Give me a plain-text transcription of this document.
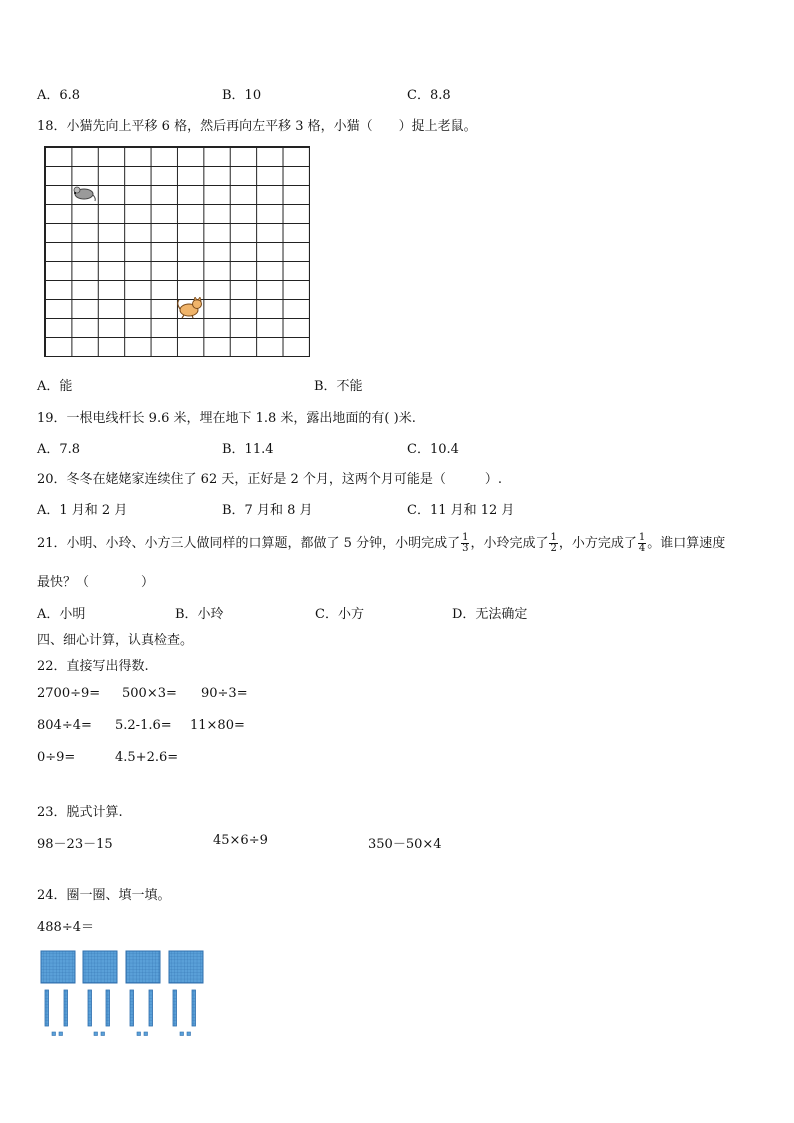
A．6.8	B．10	C．8.8
18．小猫先向上平移 6 格，然后再向左平移 3 格，小猫（　　）捉上老鼠。
A．能	B．不能
19．一根电线杆长 9.6 米，埋在地下 1.8 米，露出地面的有( )米.
A．7.8	B．11.4	C．10.4
20．冬冬在姥姥家连续住了 62 天，正好是 2 个月，这两个月可能是（　　　）.
A．1 月和 2 月	B．7 月和 8 月	C．11 月和 12 月
21．小明、小玲、小方三人做同样的口算题，都做了 5 分钟，小明完成了 $\frac{1}{3}$ ，小玲完成了 $\frac{1}{2}$ ，小方完成了 $\frac{1}{4}$ 。谁口算速度
最快？（　　　　）
A．小明	B．小玲	C．小方	D．无法确定
四、细心计算，认真检查。
22．直接写出得数.
2700÷9= 500×3= 90÷3=
804÷4= 5.2-1.6= 11×80=
0÷9=	4.5+2.6=
23．脱式计算.
98－23－15	45×6÷9	350－50×4
24．圈一圈、填一填。
488÷4＝
